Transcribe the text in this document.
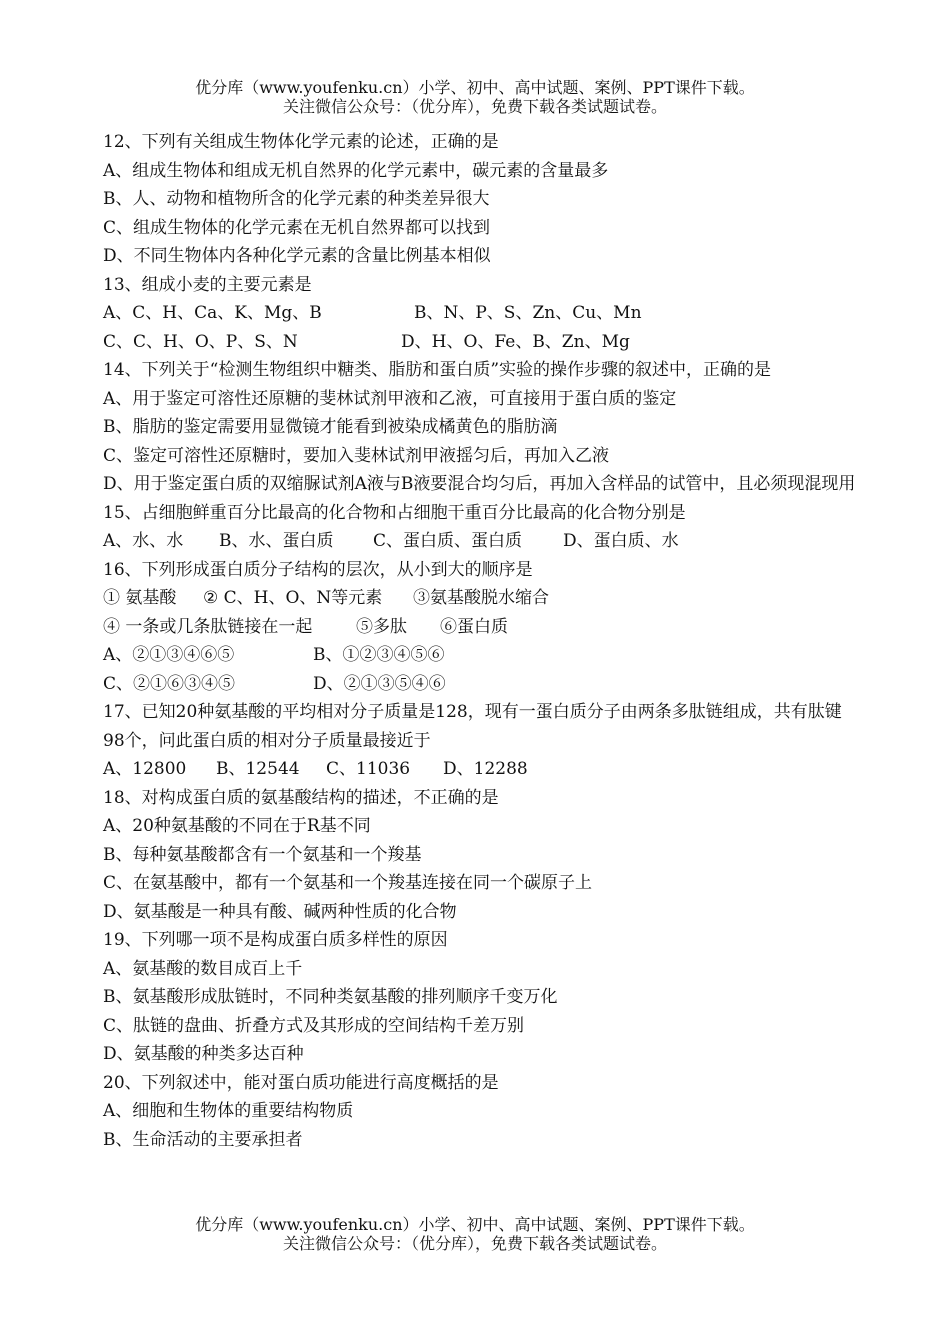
优分库（www.youfenku.cn）小学、初中、高中试题、案例、PPT课件下载。
关注微信公众号：（优分库），免费下载各类试题试卷。
12、下列有关组成生物体化学元素的论述，正确的是
A、组成生物体和组成无机自然界的化学元素中，碳元素的含量最多
B、人、动物和植物所含的化学元素的种类差异很大
C、组成生物体的化学元素在无机自然界都可以找到
D、不同生物体内各种化学元素的含量比例基本相似
13、组成小麦的主要元素是
A、C、H、Ca、K、Mg、B	B、N、P、S、Zn、Cu、Mn
C、C、H、O、P、S、N	D、H、O、Fe、B、Zn、Mg
14、下列关于“检测生物组织中糖类、脂肪和蛋白质”实验的操作步骤的叙述中，正确的是
A、用于鉴定可溶性还原糖的斐林试剂甲液和乙液，可直接用于蛋白质的鉴定
B、脂肪的鉴定需要用显微镜才能看到被染成橘黄色的脂肪滴
C、鉴定可溶性还原糖时，要加入斐林试剂甲液摇匀后，再加入乙液
D、用于鉴定蛋白质的双缩脲试剂A液与B液要混合均匀后，再加入含样品的试管中，且必须现混现用
15、占细胞鲜重百分比最高的化合物和占细胞干重百分比最高的化合物分别是
A、水、水 B、水、蛋白质 C、蛋白质、蛋白质 D、蛋白质、水
16、下列形成蛋白质分子结构的层次，从小到大的顺序是
① 氨基酸 ② C、H、O、N等元素 ③氨基酸脱水缩合
④ 一条或几条肽链接在一起	⑤多肽 ⑥蛋白质
A、②①③④⑥⑤	B、①②③④⑤⑥
C、②①⑥③④⑤	D、②①③⑤④⑥
17、已知20种氨基酸的平均相对分子质量是128，现有一蛋白质分子由两条多肽链组成，共有肽键98个，问此蛋白质的相对分子质量最接近于
A、12800 B、12544 C、11036 D、12288
18、对构成蛋白质的氨基酸结构的描述，不正确的是
A、20种氨基酸的不同在于R基不同
B、每种氨基酸都含有一个氨基和一个羧基
C、在氨基酸中，都有一个氨基和一个羧基连接在同一个碳原子上
D、氨基酸是一种具有酸、碱两种性质的化合物
19、下列哪一项不是构成蛋白质多样性的原因
A、氨基酸的数目成百上千
B、氨基酸形成肽链时，不同种类氨基酸的排列顺序千变万化
C、肽链的盘曲、折叠方式及其形成的空间结构千差万别
D、氨基酸的种类多达百种
20、下列叙述中，能对蛋白质功能进行高度概括的是
A、细胞和生物体的重要结构物质
B、生命活动的主要承担者
优分库（www.youfenku.cn）小学、初中、高中试题、案例、PPT课件下载。
关注微信公众号：（优分库），免费下载各类试题试卷。
